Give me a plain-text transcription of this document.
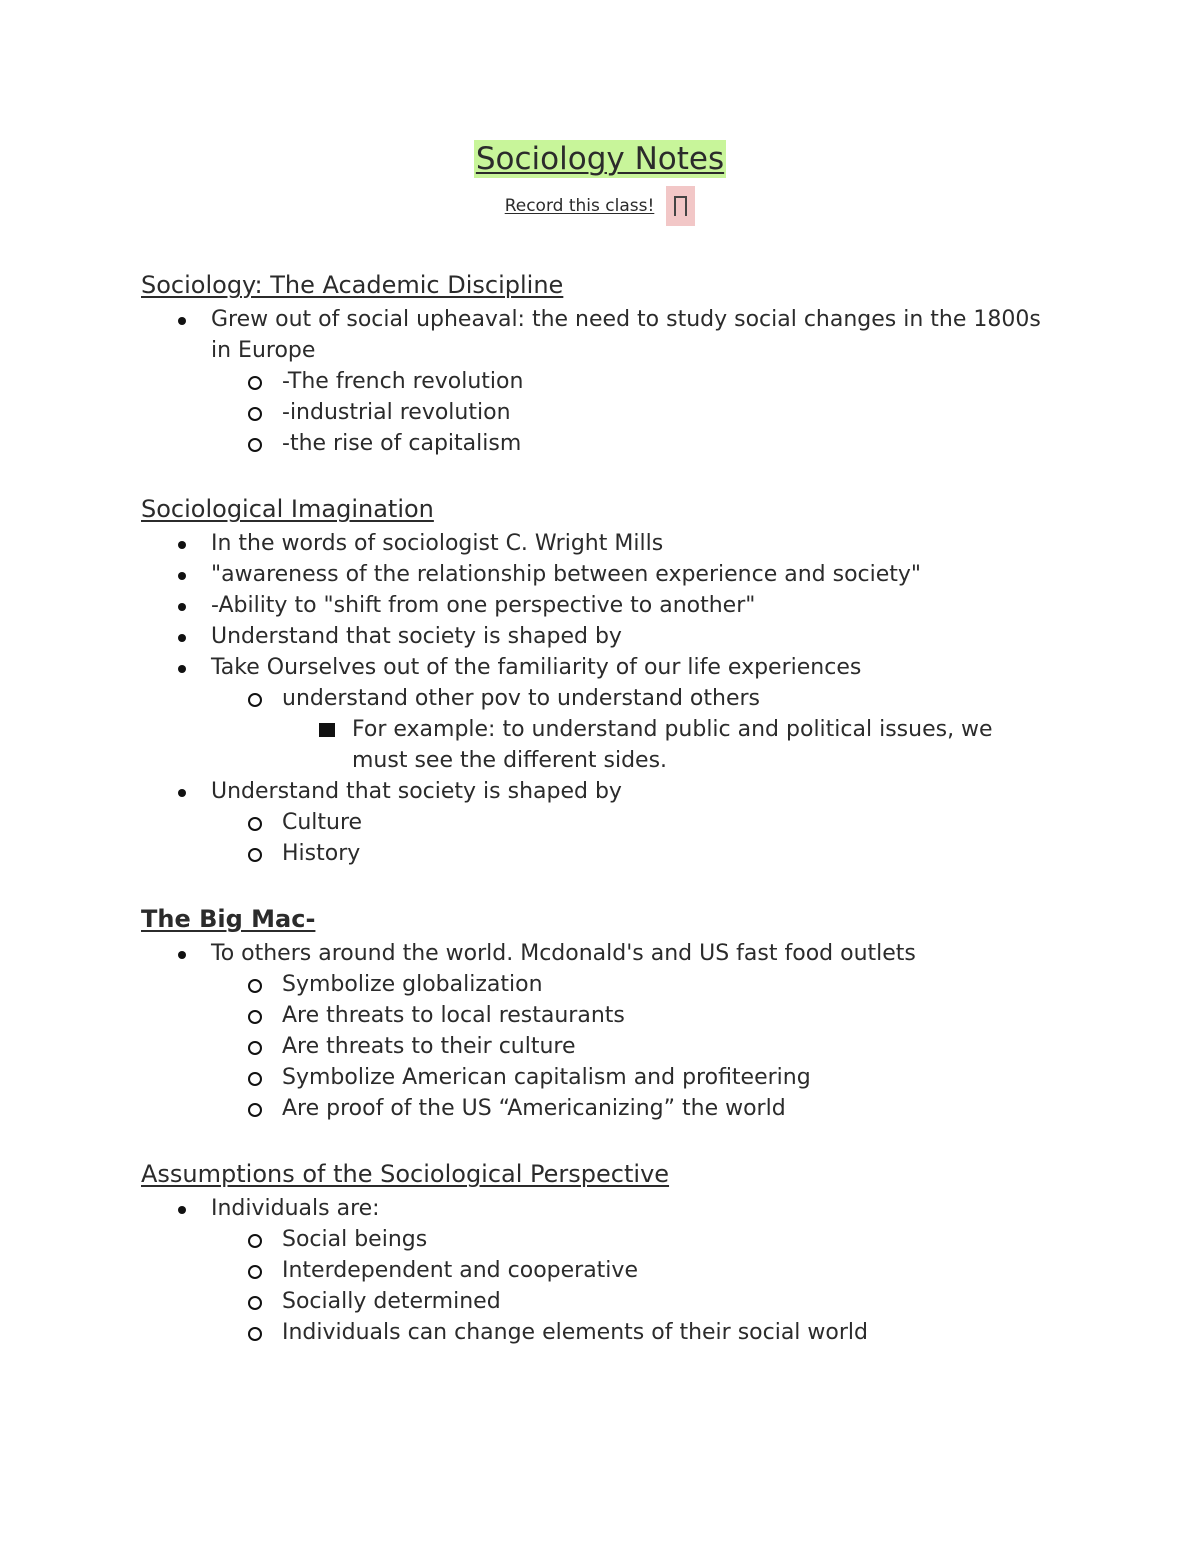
Sociology Notes
Record this class!
Sociology: The Academic Discipline
Grew out of social upheaval: the need to study social changes in the 1800s in Europe
-The french revolution
-industrial revolution
-the rise of capitalism
Sociological Imagination
In the words of sociologist C. Wright Mills
"awareness of the relationship between experience and society"
-Ability to "shift from one perspective to another"
Understand that society is shaped by
Take Ourselves out of the familiarity of our life experiences
understand other pov to understand others
For example: to understand public and political issues, we must see the different sides.
Understand that society is shaped by
Culture
History
The Big Mac-
To others around the world. Mcdonald's and US fast food outlets
Symbolize globalization
Are threats to local restaurants
Are threats to their culture
Symbolize American capitalism and profiteering
Are proof of the US “Americanizing” the world
Assumptions of the Sociological Perspective
Individuals are:
Social beings
Interdependent and cooperative
Socially determined
Individuals can change elements of their social world
